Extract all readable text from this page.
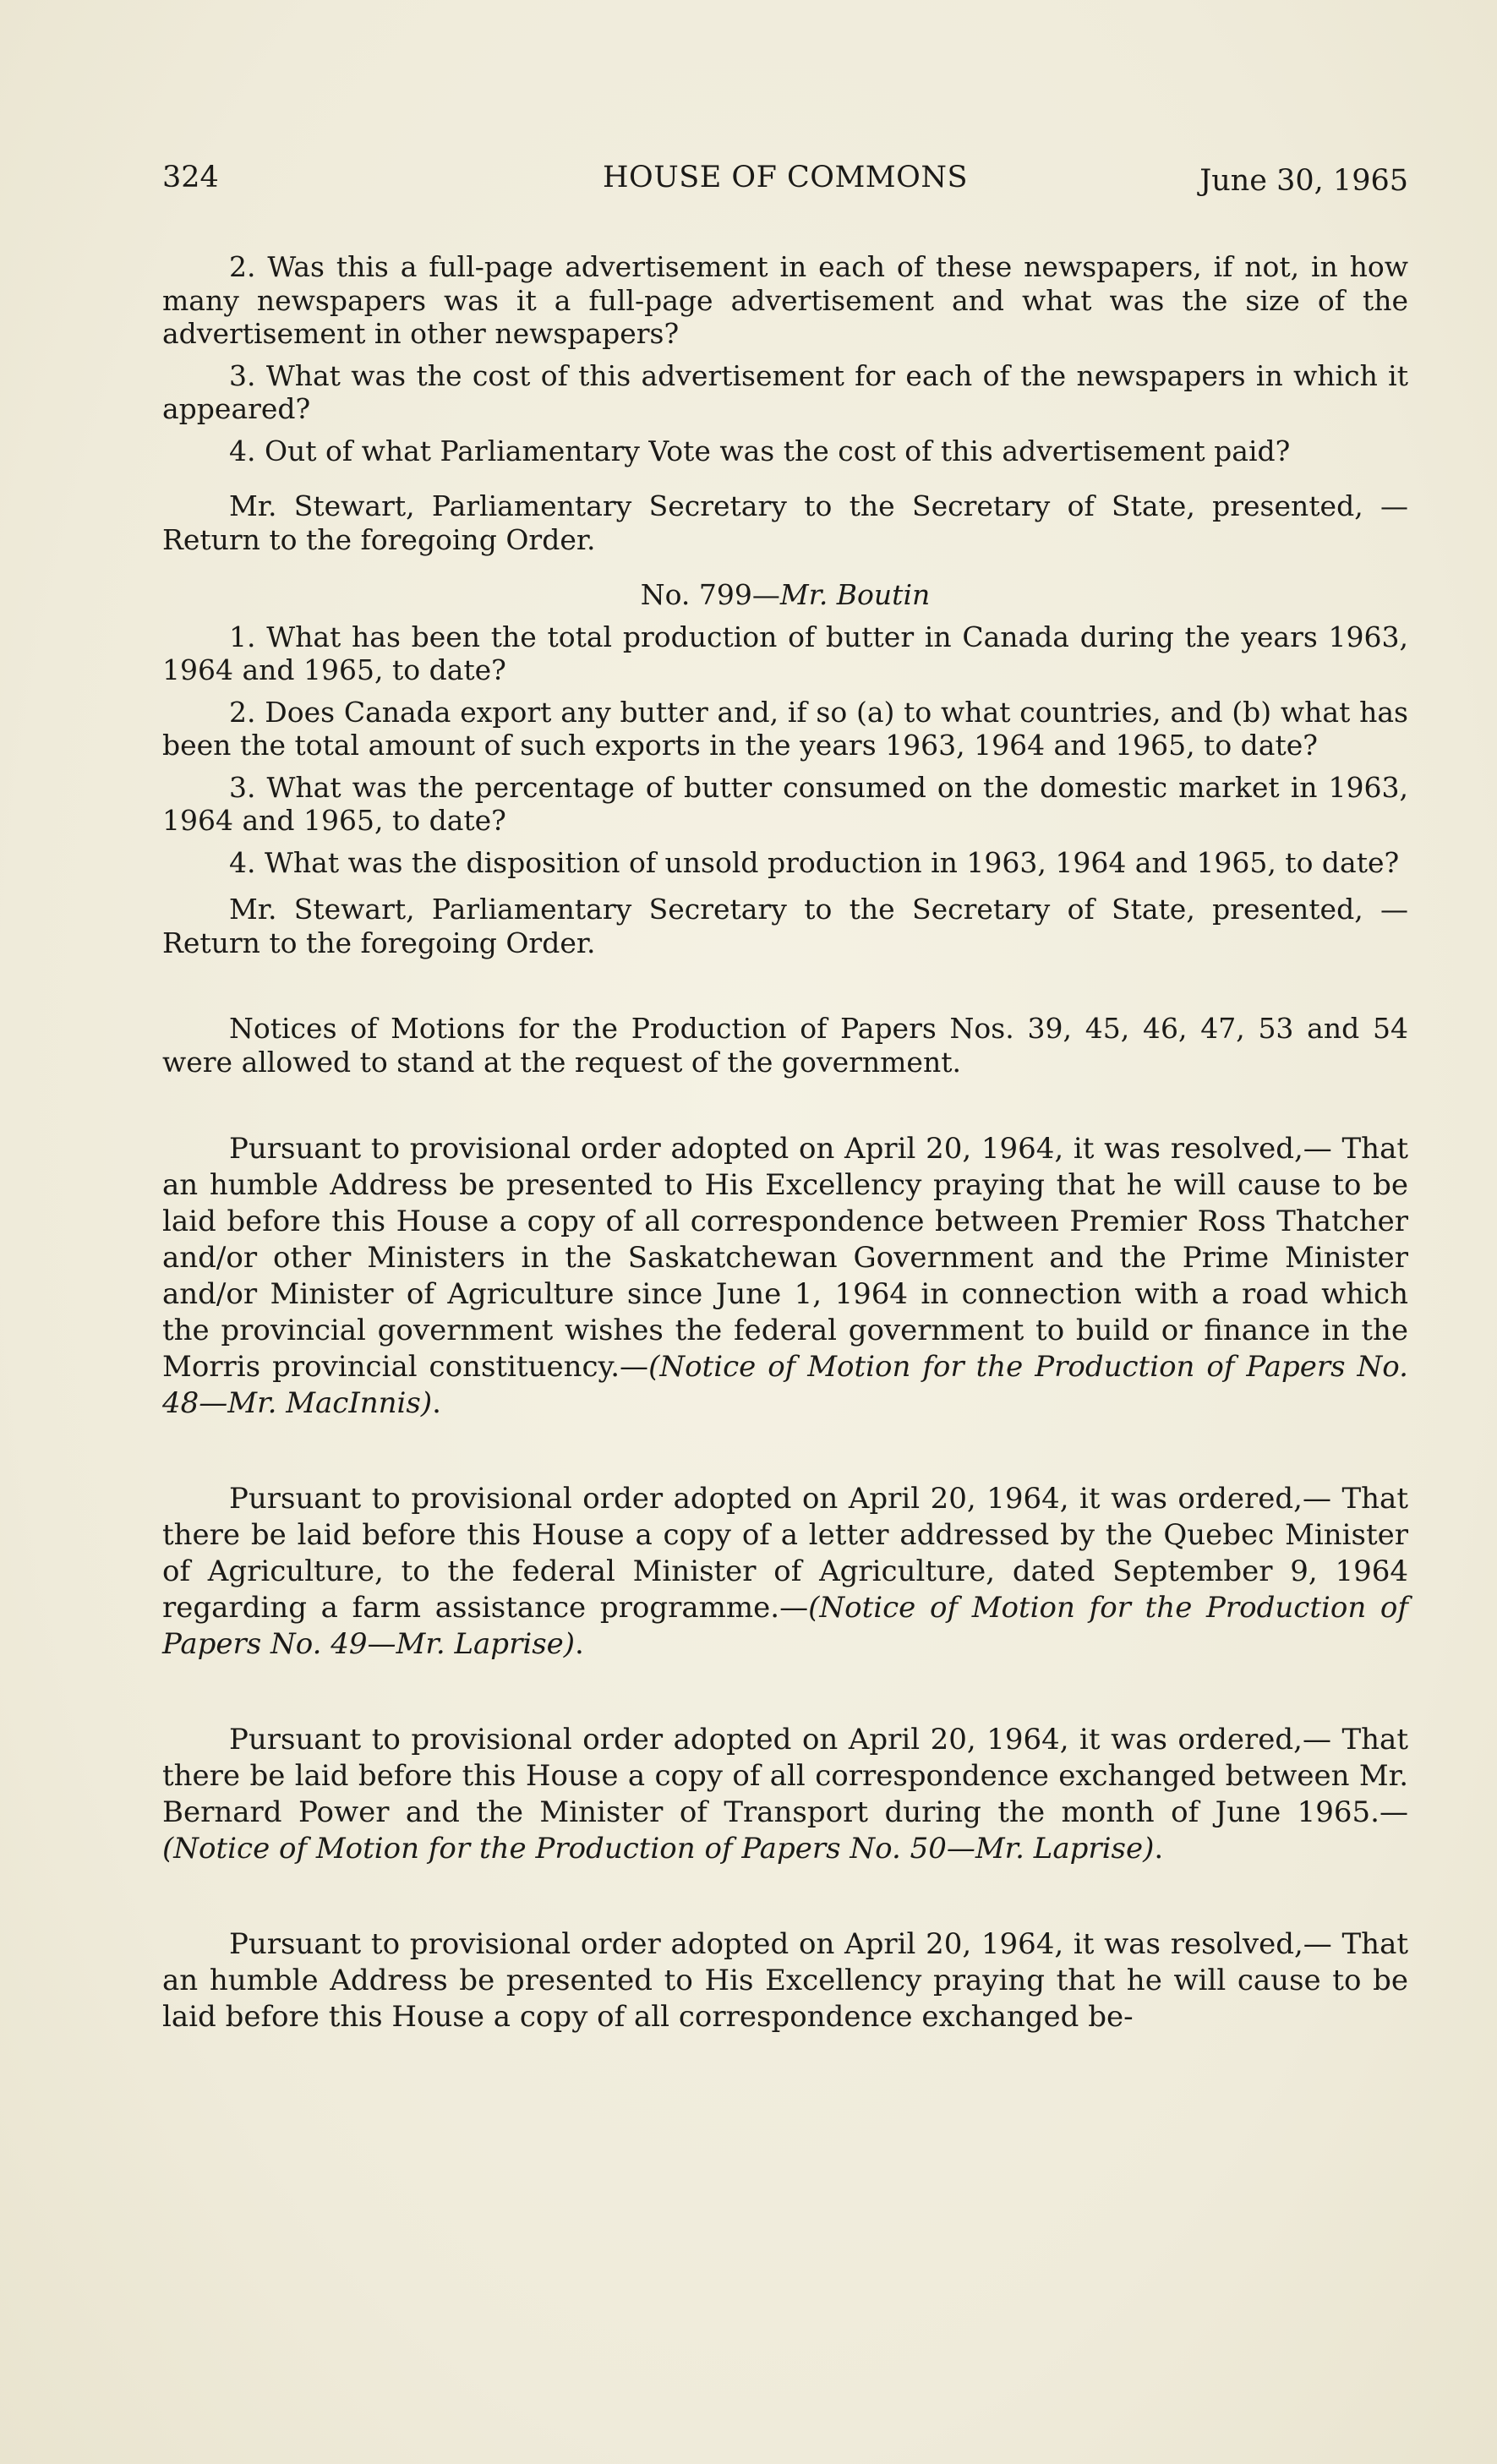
324	HOUSE OF COMMONS	June 30, 1965

2. Was this a full-page advertisement in each of these newspapers, if not, in how many newspapers was it a full-page advertisement and what was the size of the advertisement in other newspapers?

3. What was the cost of this advertisement for each of the newspapers in which it appeared?

4. Out of what Parliamentary Vote was the cost of this advertisement paid?

Mr. Stewart, Parliamentary Secretary to the Secretary of State, presented, —Return to the foregoing Order.

No. 799—Mr. Boutin

1. What has been the total production of butter in Canada during the years 1963, 1964 and 1965, to date?

2. Does Canada export any butter and, if so (a) to what countries, and (b) what has been the total amount of such exports in the years 1963, 1964 and 1965, to date?

3. What was the percentage of butter consumed on the domestic market in 1963, 1964 and 1965, to date?

4. What was the disposition of unsold production in 1963, 1964 and 1965, to date?

Mr. Stewart, Parliamentary Secretary to the Secretary of State, presented, —Return to the foregoing Order.

Notices of Motions for the Production of Papers Nos. 39, 45, 46, 47, 53 and 54 were allowed to stand at the request of the government.

Pursuant to provisional order adopted on April 20, 1964, it was resolved,— That an humble Address be presented to His Excellency praying that he will cause to be laid before this House a copy of all correspondence between Premier Ross Thatcher and/or other Ministers in the Saskatchewan Government and the Prime Minister and/or Minister of Agriculture since June 1, 1964 in connection with a road which the provincial government wishes the federal government to build or finance in the Morris provincial constituency.—(Notice of Motion for the Production of Papers No. 48—Mr. MacInnis).

Pursuant to provisional order adopted on April 20, 1964, it was ordered,— That there be laid before this House a copy of a letter addressed by the Quebec Minister of Agriculture, to the federal Minister of Agriculture, dated September 9, 1964 regarding a farm assistance programme.—(Notice of Motion for the Production of Papers No. 49—Mr. Laprise).

Pursuant to provisional order adopted on April 20, 1964, it was ordered,— That there be laid before this House a copy of all correspondence exchanged between Mr. Bernard Power and the Minister of Transport during the month of June 1965.—(Notice of Motion for the Production of Papers No. 50—Mr. Laprise).

Pursuant to provisional order adopted on April 20, 1964, it was resolved,— That an humble Address be presented to His Excellency praying that he will cause to be laid before this House a copy of all correspondence exchanged be-
